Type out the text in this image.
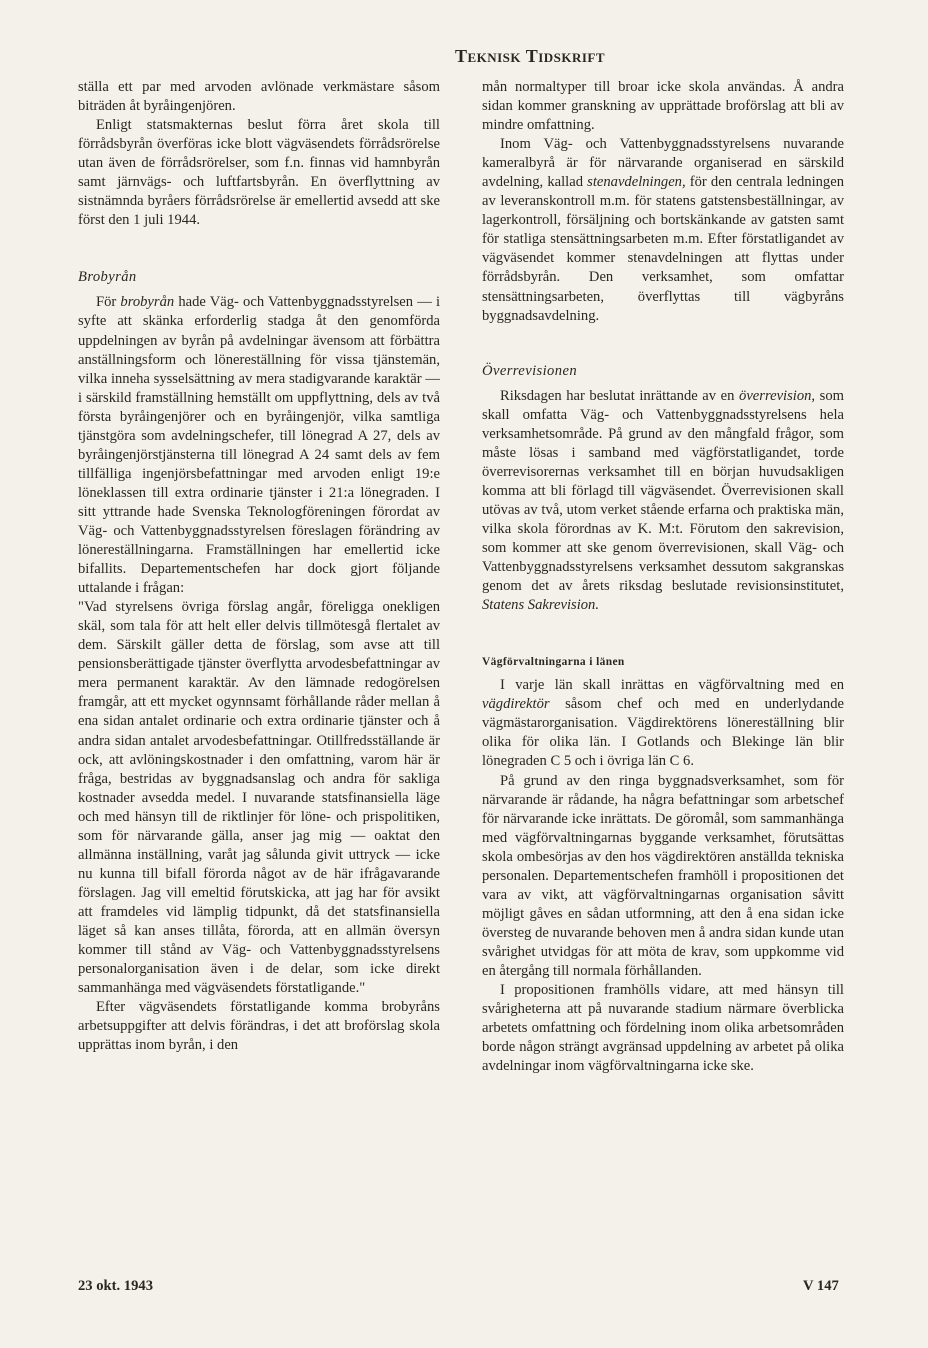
Teknisk Tidskrift

ställa ett par med arvoden avlönade verkmästare såsom biträden åt byråingenjören.

Enligt statsmakternas beslut förra året skola till förrådsbyrån överföras icke blott vägväsendets förrådsrörelse utan även de förrådsrörelser, som f.n. finnas vid hamnbyrån samt järnvägs- och luftfartsbyrån. En överflyttning av sistnämnda byråers förrådsrörelse är emellertid avsedd att ske först den 1 juli 1944.

Brobyrån

För brobyrån hade Väg- och Vattenbyggnadsstyrelsen — i syfte att skänka erforderlig stadga åt den genomförda uppdelningen av byrån på avdelningar ävensom att förbättra anställningsform och lönereställning för vissa tjänstemän, vilka inneha sysselsättning av mera stadigvarande karaktär — i särskild framställning hemställt om uppflyttning, dels av två första byråingenjörer och en byråingenjör, vilka samtliga tjänstgöra som avdelningschefer, till lönegrad A 27, dels av byråingenjörstjänsterna till lönegrad A 24 samt dels av fem tillfälliga ingenjörsbefattningar med arvoden enligt 19:e löneklassen till extra ordinarie tjänster i 21:a lönegraden. I sitt yttrande hade Svenska Teknologföreningen förordat av Väg- och Vattenbyggnadsstyrelsen föreslagen förändring av lönereställningarna. Framställningen har emellertid icke bifallits. Departementschefen har dock gjort följande uttalande i frågan:

"Vad styrelsens övriga förslag angår, föreligga onekligen skäl, som tala för att helt eller delvis tillmötesgå flertalet av dem. Särskilt gäller detta de förslag, som avse att till pensionsberättigade tjänster överflytta arvodesbefattningar av mera permanent karaktär. Av den lämnade redogörelsen framgår, att ett mycket ogynnsamt förhållande råder mellan å ena sidan antalet ordinarie och extra ordinarie tjänster och å andra sidan antalet arvodesbefattningar. Otillfredsställande är ock, att avlöningskostnader i den omfattning, varom här är fråga, bestridas av byggnadsanslag och andra för sakliga kostnader avsedda medel. I nuvarande statsfinansiella läge och med hänsyn till de riktlinjer för löne- och prispolitiken, som för närvarande gälla, anser jag mig — oaktat den allmänna inställning, varåt jag sålunda givit uttryck — icke nu kunna till bifall förorda något av de här ifrågavarande förslagen. Jag vill emeltid förutskicka, att jag har för avsikt att framdeles vid lämplig tidpunkt, då det statsfinansiella läget så kan anses tillåta, förorda, att en allmän översyn kommer till stånd av Väg- och Vattenbyggnadsstyrelsens personalorganisation även i de delar, som icke direkt sammanhänga med vägväsendets förstatligande."

Efter vägväsendets förstatligande komma brobyråns arbetsuppgifter att delvis förändras, i det att broförslag skola upprättas inom byrån, i den

mån normaltyper till broar icke skola användas. Å andra sidan kommer granskning av upprättade broförslag att bli av mindre omfattning.

Inom Väg- och Vattenbyggnadsstyrelsens nuvarande kameralbyrå är för närvarande organiserad en särskild avdelning, kallad stenavdelningen, för den centrala ledningen av leveranskontroll m.m. för statens gatstensbeställningar, av lagerkontroll, försäljning och bortskänkande av gatsten samt för statliga stensättningsarbeten m.m. Efter förstatligandet av vägväsendet kommer stenavdelningen att flyttas under förrådsbyrån. Den verksamhet, som omfattar stensättningsarbeten, överflyttas till vägbyråns byggnadsavdelning.

Överrevisionen

Riksdagen har beslutat inrättande av en överrevision, som skall omfatta Väg- och Vattenbyggnadsstyrelsens hela verksamhetsområde. På grund av den mångfald frågor, som måste lösas i samband med vägförstatligandet, torde överrevisorernas verksamhet till en början huvudsakligen komma att bli förlagd till vägväsendet. Överrevisionen skall utövas av två, utom verket stående erfarna och praktiska män, vilka skola förordnas av K. M:t. Förutom den sakrevision, som kommer att ske genom överrevisionen, skall Väg- och Vattenbyggnadsstyrelsens verksamhet dessutom sakgranskas genom det av årets riksdag beslutade revisionsinstitutet, Statens Sakrevision.

Vägförvaltningarna i länen

I varje län skall inrättas en vägförvaltning med en vägdirektör såsom chef och med en underlydande vägmästarorganisation. Vägdirektörens lönereställning blir olika för olika län. I Gotlands och Blekinge län blir lönegraden C 5 och i övriga län C 6.

På grund av den ringa byggnadsverksamhet, som för närvarande är rådande, ha några befattningar som arbetschef för närvarande icke inrättats. De göromål, som sammanhänga med vägförvaltningarnas byggande verksamhet, förutsättas skola ombesörjas av den hos vägdirektören anställda tekniska personalen. Departementschefen framhöll i propositionen det vara av vikt, att vägförvaltningarnas organisation såvitt möjligt gåves en sådan utformning, att den å ena sidan icke översteg de nuvarande behoven men å andra sidan kunde utan svårighet utvidgas för att möta de krav, som uppkomme vid en återgång till normala förhållanden.

I propositionen framhölls vidare, att med hänsyn till svårigheterna att på nuvarande stadium närmare överblicka arbetets omfattning och fördelning inom olika arbetsområden borde någon strängt avgränsad uppdelning av arbetet på olika avdelningar inom vägförvaltningarna icke ske.

23 okt. 1943	V 147
